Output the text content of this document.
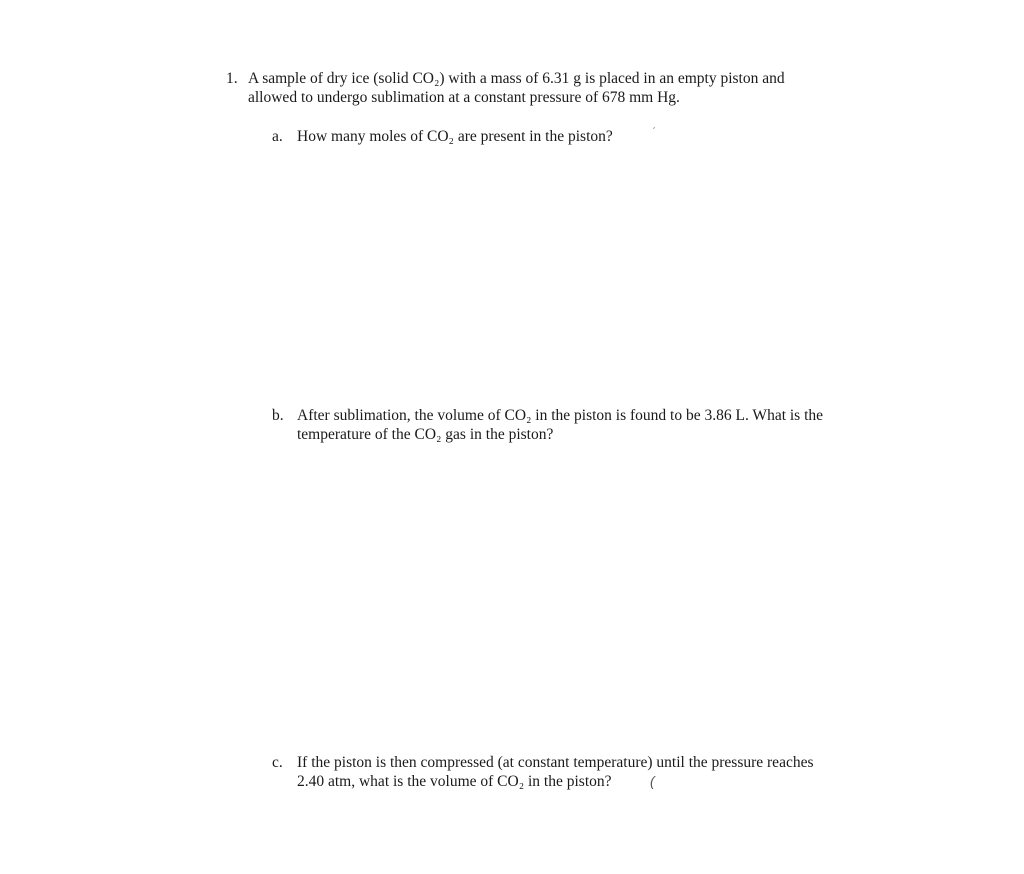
1. A sample of dry ice (solid CO₂) with a mass of 6.31 g is placed in an empty piston and
allowed to undergo sublimation at a constant pressure of 678 mm Hg.
a. How many moles of CO₂ are present in the piston?	ˊ
b. After sublimation, the volume of CO₂ in the piston is found to be 3.86 L. What is the
temperature of the CO₂ gas in the piston?
c. If the piston is then compressed (at constant temperature) until the pressure reaches
2.40 atm, what is the volume of CO₂ in the piston?	(
